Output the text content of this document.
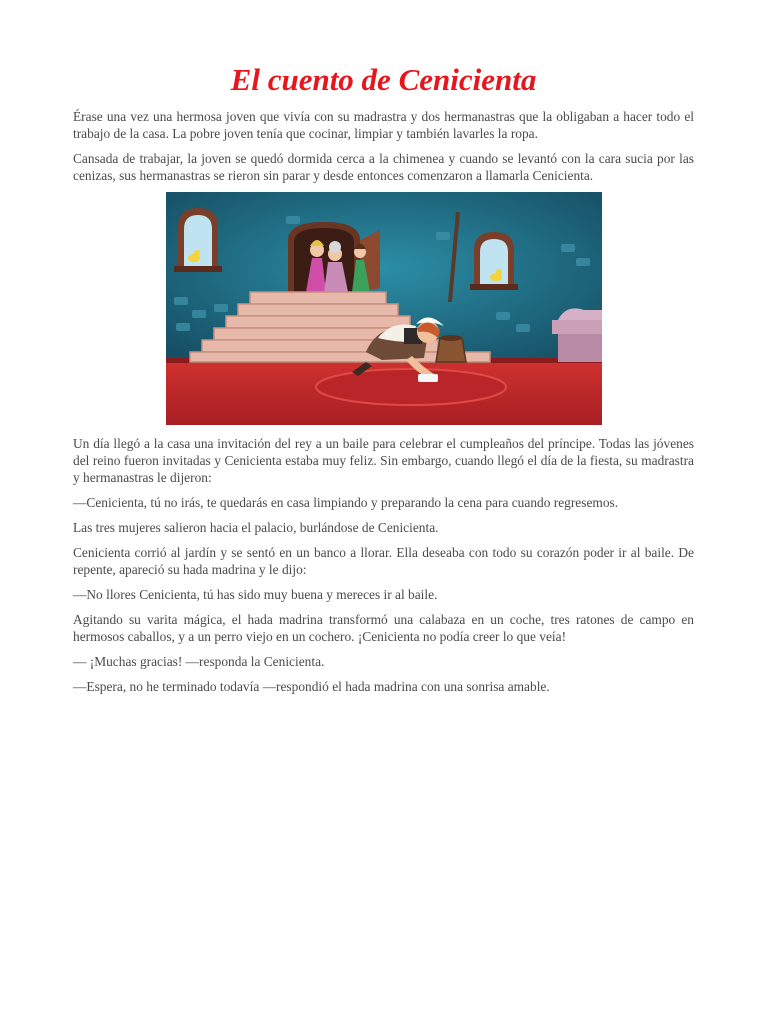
El cuento de Cenicienta

Érase una vez una hermosa joven que vivía con su madrastra y dos hermanastras que la obligaban a hacer todo el trabajo de la casa. La pobre joven tenía que cocinar, limpiar y también lavarles la ropa.

Cansada de trabajar, la joven se quedó dormida cerca a la chimenea y cuando se levantó con la cara sucia por las cenizas, sus hermanastras se rieron sin parar y desde entonces comenzaron a llamarla Cenicienta.

Un día llegó a la casa una invitación del rey a un baile para celebrar el cumpleaños del príncipe. Todas las jóvenes del reino fueron invitadas y Cenicienta estaba muy feliz. Sin embargo, cuando llegó el día de la fiesta, su madrastra y hermanastras le dijeron:

—Cenicienta, tú no irás, te quedarás en casa limpiando y preparando la cena para cuando regresemos.

Las tres mujeres salieron hacia el palacio, burlándose de Cenicienta.

Cenicienta corrió al jardín y se sentó en un banco a llorar. Ella deseaba con todo su corazón poder ir al baile. De repente, apareció su hada madrina y le dijo:

—No llores Cenicienta, tú has sido muy buena y mereces ir al baile.

Agitando su varita mágica, el hada madrina transformó una calabaza en un coche, tres ratones de campo en hermosos caballos, y a un perro viejo en un cochero. ¡Cenicienta no podía creer lo que veía!

— ¡Muchas gracias! —responda la Cenicienta.

—Espera, no he terminado todavía —respondió el hada madrina con una sonrisa amable.
